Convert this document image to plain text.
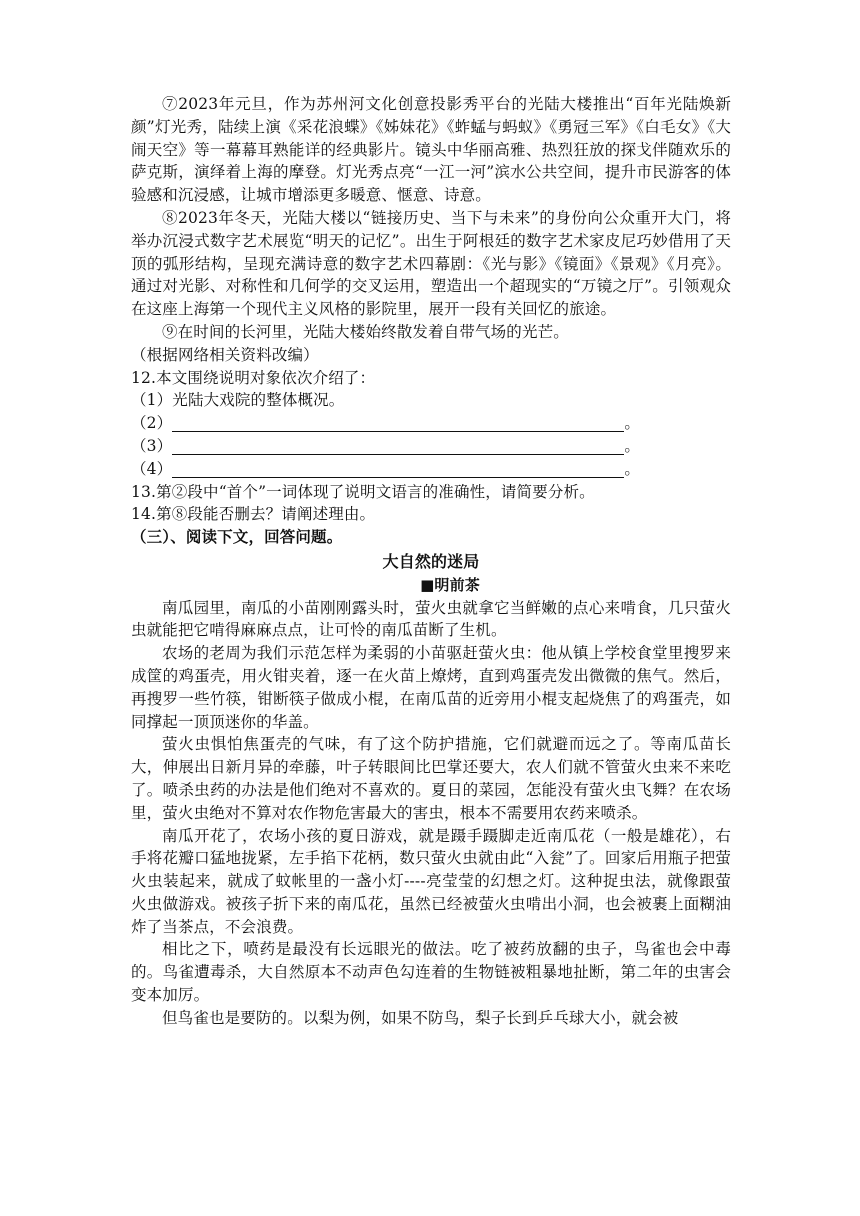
⑦2023年元旦，作为苏州河文化创意投影秀平台的光陆大楼推出“百年光陆焕新颜”灯光秀，陆续上演《采花浪蝶》《姊妹花》《蚱蜢与蚂蚁》《勇冠三军》《白毛女》《大闹天空》等一幕幕耳熟能详的经典影片。镜头中华丽高雅、热烈狂放的探戈伴随欢乐的萨克斯，演绎着上海的摩登。灯光秀点亮“一江一河”滨水公共空间，提升市民游客的体验感和沉浸感，让城市增添更多暖意、惬意、诗意。

⑧2023年冬天，光陆大楼以“链接历史、当下与未来”的身份向公众重开大门，将举办沉浸式数字艺术展览“明天的记忆”。出生于阿根廷的数字艺术家皮尼巧妙借用了天顶的弧形结构，呈现充满诗意的数字艺术四幕剧：《光与影》《镜面》《景观》《月亮》。通过对光影、对称性和几何学的交叉运用，塑造出一个超现实的“万镜之厅”。引领观众在这座上海第一个现代主义风格的影院里，展开一段有关回忆的旅途。

⑨在时间的长河里，光陆大楼始终散发着自带气场的光芒。

（根据网络相关资料改编）

12.本文围绕说明对象依次介绍了：

（1）光陆大戏院的整体概况。

（2）	。
（3）	。
（4）	。

13.第②段中“首个”一词体现了说明文语言的准确性，请简要分析。

14.第⑧段能否删去？请阐述理由。

（三）、阅读下文，回答问题。

大自然的迷局

■明前茶

南瓜园里，南瓜的小苗刚刚露头时，萤火虫就拿它当鲜嫩的点心来啃食，几只萤火虫就能把它啃得麻麻点点，让可怜的南瓜苗断了生机。

农场的老周为我们示范怎样为柔弱的小苗驱赶萤火虫：他从镇上学校食堂里搜罗来成筐的鸡蛋壳，用火钳夹着，逐一在火苗上燎烤，直到鸡蛋壳发出微微的焦气。然后，再搜罗一些竹筷，钳断筷子做成小棍，在南瓜苗的近旁用小棍支起烧焦了的鸡蛋壳，如同撑起一顶顶迷你的华盖。

萤火虫惧怕焦蛋壳的气味，有了这个防护措施，它们就避而远之了。等南瓜苗长大，伸展出日新月异的牵藤，叶子转眼间比巴掌还要大，农人们就不管萤火虫来不来吃了。喷杀虫药的办法是他们绝对不喜欢的。夏日的菜园，怎能没有萤火虫飞舞？在农场里，萤火虫绝对不算对农作物危害最大的害虫，根本不需要用农药来喷杀。

南瓜开花了，农场小孩的夏日游戏，就是蹑手蹑脚走近南瓜花（一般是雄花），右手将花瓣口猛地拢紧，左手掐下花柄，数只萤火虫就由此“入瓮”了。回家后用瓶子把萤火虫装起来，就成了蚊帐里的一盏小灯----亮莹莹的幻想之灯。这种捉虫法，就像跟萤火虫做游戏。被孩子折下来的南瓜花，虽然已经被萤火虫啃出小洞，也会被裹上面糊油炸了当茶点，不会浪费。

相比之下，喷药是最没有长远眼光的做法。吃了被药放翻的虫子，鸟雀也会中毒的。鸟雀遭毒杀，大自然原本不动声色勾连着的生物链被粗暴地扯断，第二年的虫害会变本加厉。

但鸟雀也是要防的。以梨为例，如果不防鸟，梨子长到乒乓球大小，就会被
